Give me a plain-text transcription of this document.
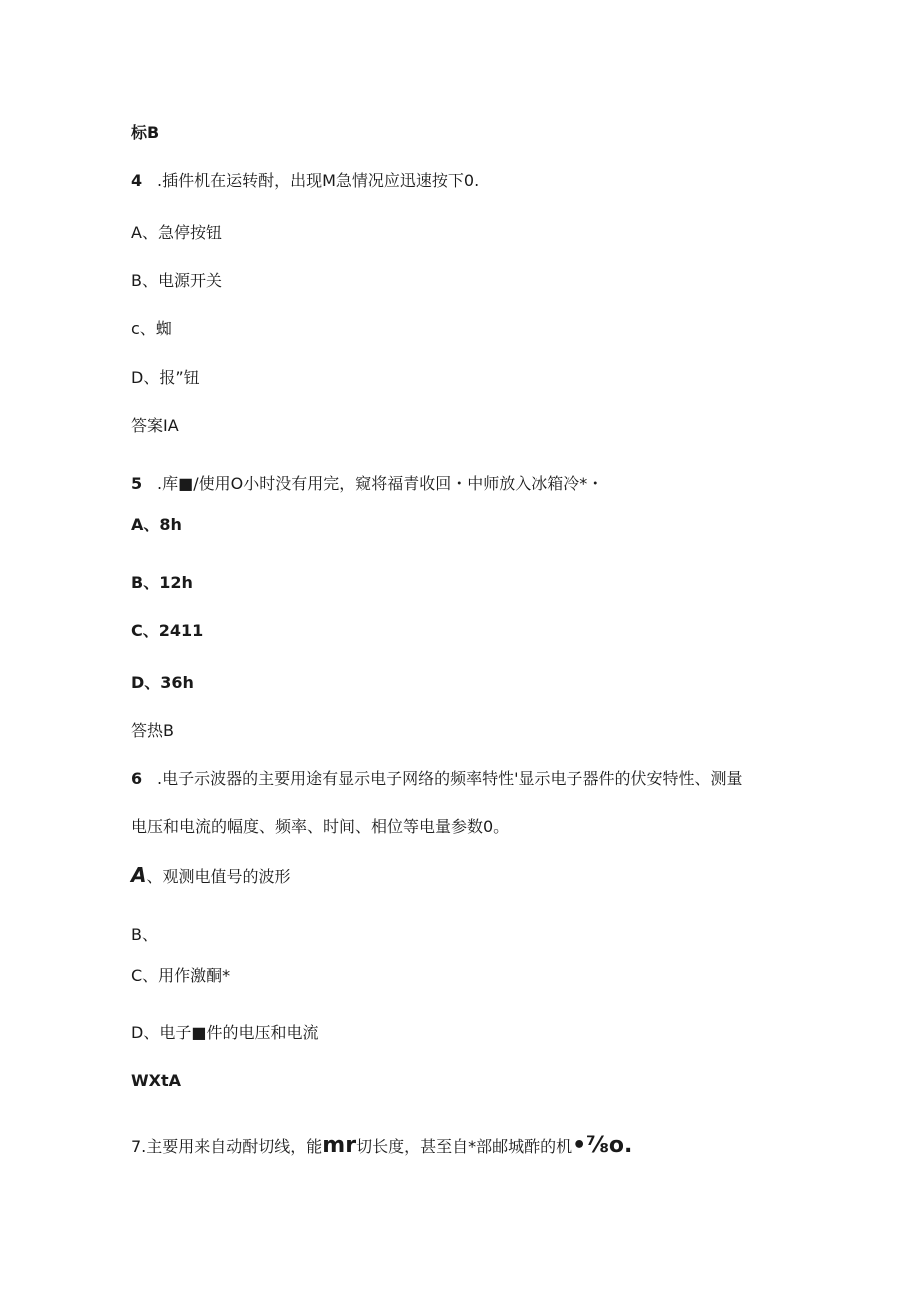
标B
4 .插件机在运转酎，出现M急情况应迅速按下0.
A、急停按钮
B、电源开关
c、蜘
D、报”钮
答案IA
5 .库■/使用O小时没有用完，窥将福青收回・中师放入冰箱冷*・
A、8h
B、12h
C、2411
D、36h
答热B
6 .电子示波器的主要用途有显示电子网络的频率特性'显示电子器件的伏安特性、测量
电压和电流的幅度、频率、时间、相位等电量参数0。
A、观测电值号的波形
B、
C、用作激酮*
D、电子■件的电压和电流
WXtA
7.主要用来自动酎切线，能mr切长度，甚至自*部邮城酢的机•⅞o.
